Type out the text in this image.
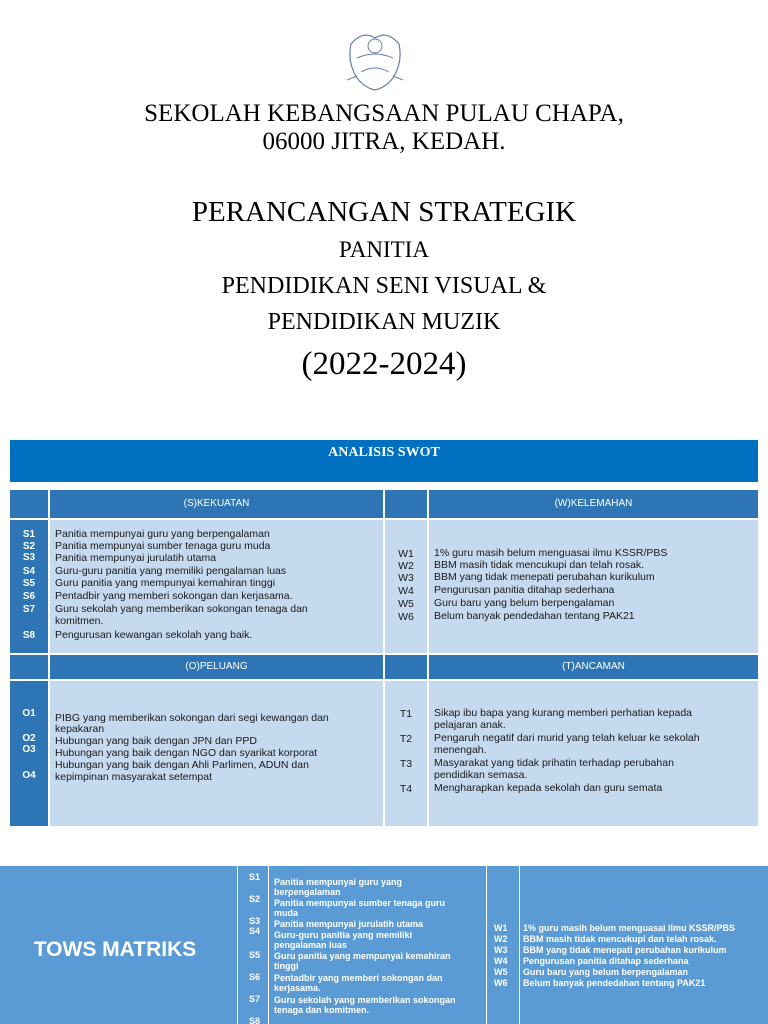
SEKOLAH KEBANGSAAN PULAU CHAPA,
06000 JITRA, KEDAH.
PERANCANGAN STRATEGIK
PANITIA
PENDIDIKAN SENI VISUAL &
PENDIDIKAN MUZIK
(2022-2024)
ANALISIS SWOT
(S)KEKUATAN	(W)KELEMAHAN
S1
S2
S3
S4
S5
S6
S7
S8
Panitia mempunyai guru yang berpengalaman
Panitia mempunyai sumber tenaga guru muda
Panitia mempunyai jurulatih utama
Guru-guru panitia yang memiliki pengalaman luas
Guru panitia yang mempunyai kemahiran tinggi
Pentadbir yang memberi sokongan dan kerjasama.
Guru sekolah yang memberikan sokongan tenaga dan
komitmen.
Pengurusan kewangan sekolah yang baik.
W1
W2
W3
W4
W5
W6
1% guru masih belum menguasai ilmu KSSR/PBS
BBM masih tidak mencukupi dan telah rosak.
BBM yang tidak menepati perubahan kurikulum
Pengurusan panitia ditahap sederhana
Guru baru yang belum berpengalaman
Belum banyak pendedahan tentang PAK21
(O)PELUANG	(T)ANCAMAN
O1
O2
O3
O4
PIBG yang memberikan sokongan dari segi kewangan dan
kepakaran
Hubungan yang baik dengan JPN dan PPD
Hubungan yang baik dengan NGO dan syarikat korporat
Hubungan yang baik dengan Ahli Parlimen, ADUN dan
kepimpinan masyarakat setempat
T1
T2
T3
T4
Sikap ibu bapa yang kurang memberi perhatian kepada
pelajaran anak.
Pengaruh negatif dari murid yang telah keluar ke sekolah
menengah.
Masyarakat yang tidak prihatin terhadap perubahan
pendidikan semasa.
Mengharapkan kepada sekolah dan guru semata
TOWS MATRIKS
S1
S2
S3
S4
S5
S6
S7
S8
Panitia mempunyai guru yang
berpengalaman
Panitia mempunyai sumber tenaga guru
muda
Panitia mempunyai jurulatih utama
Guru-guru panitia yang memiliki
pengalaman luas
Guru panitia yang mempunyai kemahiran
tinggi
Pentadbir yang memberi sokongan dan
kerjasama.
Guru sekolah yang memberikan sokongan
tenaga dan komitmen.
W1
W2
W3
W4
W5
W6
1% guru masih belum menguasai ilmu KSSR/PBS
BBM masih tidak mencukupi dan telah rosak.
BBM yang tidak menepati perubahan kurikulum
Pengurusan panitia ditahap sederhana
Guru baru yang belum berpengalaman
Belum banyak pendedahan tentang PAK21
